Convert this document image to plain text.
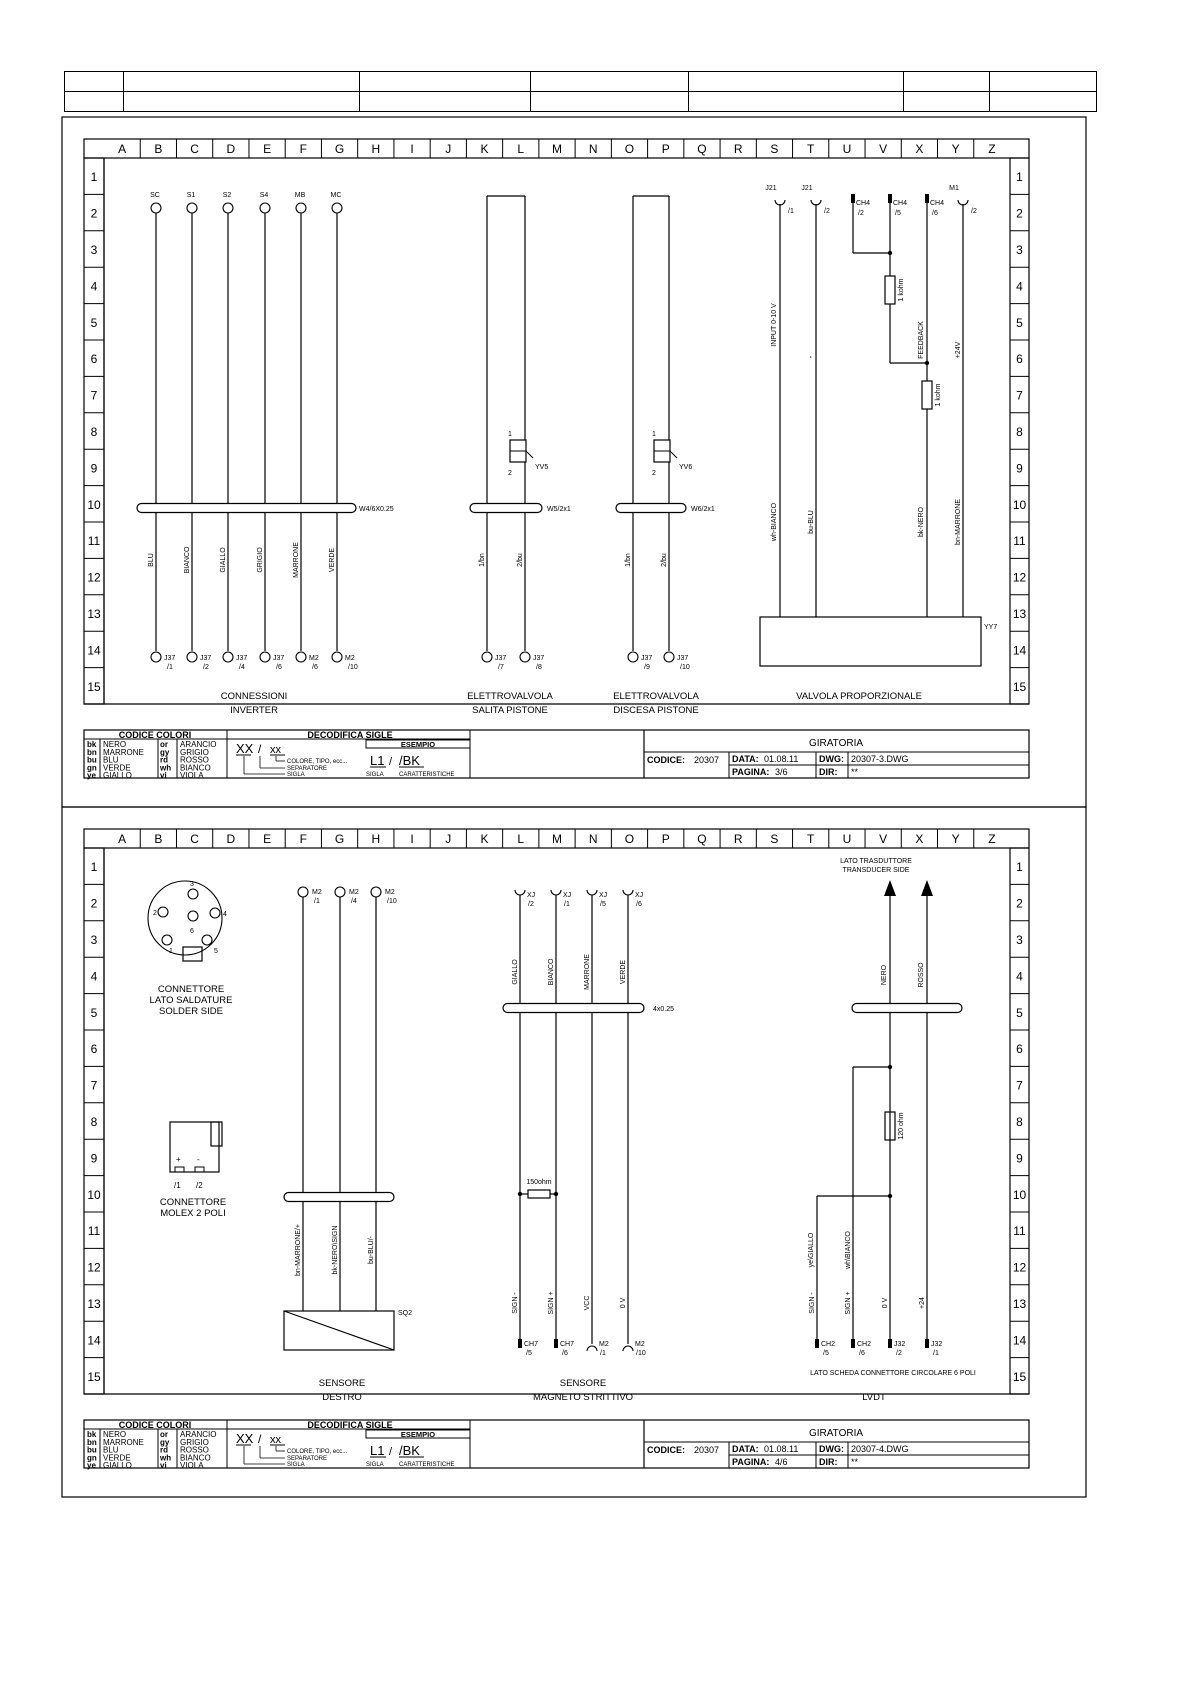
A B C D E F G H	I	J K L M N O P Q R S T U V X Y Z
1	1
2	2
3	3
4	4
5	5
6	6
7	7
8	8
9	9
10	10
11	11
12	12
13	13
14	14
15	15
SC
BLU
J37
/1
S1
BIANCO
J37
/2
S2
GIALLO
J37
/4
S4
GRIGIO
J37
/6
MB
MARRONE
M2
/6
MC
VERDE
M2
/10
W4/6X0.25
CONNESSIONI
INVERTER
1
2
YV5
W5/2x1
1/bn	2/bu
J37
/7
J37
/8
ELETTROVALVOLA
SALITA PISTONE
1
2
YV6
W6/2x1
1/bn	2/bu
J37
/9
J37
/10
ELETTROVALVOLA
DISCESA PISTONE
J21
/1
J21
/2
CH4
/2
CH4
/5
CH4
/6
M1
/2
1 kohm
1 kohm
INPUT 0-10 V
-	FEEDBACK	+24V
wh-BIANCO	bu-BLU	bk-NERO	bn-MARRONE
YY7
VALVOLA PROPORZIONALE
CODICE COLORI
bk NERO
bn MARRONE
bu BLU
gn VERDE
ye GIALLO
or ARANCIO
gy GRIGIO
rd ROSSO
wh BIANCO
vi VIOLA
DECODIFICA SIGLE
ESEMPIO
XX / xx
COLORE, TIPO, ecc...
SEPARATORE
SIGLA
L1 / /BK
SIGLA	CARATTERISTICHE
GIRATORIA
CODICE: 20307 DATA: 01.08.11
PAGINA: 3/6
DWG: 20307-3.DWG
DIR: **
A B C D E F G H	I	J K L M N O P Q R S T U V X Y Z
1	1
2	2
3	3
4	4
5	5
6	6
7	7
8	8
9	9
10	10
11	11
12	12
13	13
14	14
15	15
1
2
3
4
5
6
CONNETTORE
LATO SALDATURE
SOLDER SIDE
+ -
/1 /2
CONNETTORE
MOLEX 2 POLI
M2
/1
bn-MARRONE/+
M2
/4
bk-NERO\SIGN
M2
/10
bu-BLU/-
SQ2
SENSORE
DESTRO
XJ
/2
GIALLO
SIGN -
XJ
/1
BIANCO
SIGN +
XJ
/5
MARRONE
VCC
XJ
/6
VERDE
0 V
4x0.25
150ohm
CH7
/5
CH7
/6
M2
/1
M2
/10
SENSORE
MAGNETO STRITTIVO
LATO TRASDUTTORE
TRANSDUCER SIDE
NERO	ROSSO
120 ohm
ye\GIALLO	wh\BIANCO
SIGN -
CH2
/5
SIGN +
CH2
/6
0 V
J32
/2
+24
J32
/1
LATO SCHEDA CONNETTORE CIRCOLARE 6 POLI
LVDT
CODICE COLORI
bk NERO
bn MARRONE
bu BLU
gn VERDE
ye GIALLO
or ARANCIO
gy GRIGIO
rd ROSSO
wh BIANCO
vi VIOLA
DECODIFICA SIGLE
ESEMPIO
XX / xx
COLORE, TIPO, ecc...
SEPARATORE
SIGLA
L1 / /BK
SIGLA	CARATTERISTICHE
GIRATORIA
CODICE: 20307 DATA: 01.08.11
PAGINA: 4/6
DWG: 20307-4.DWG
DIR: **
